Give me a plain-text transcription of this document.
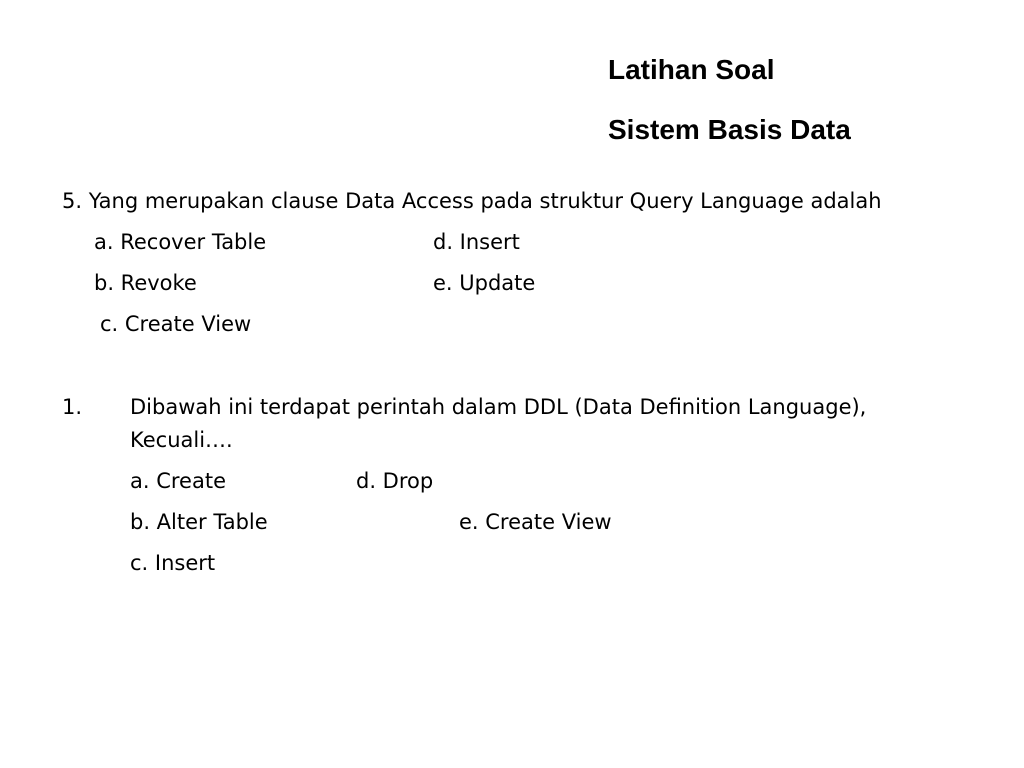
Latihan Soal
Sistem Basis Data
5. Yang merupakan clause Data Access pada struktur Query Language adalah
a. Recover Table	d. Insert
b. Revoke	e. Update
c. Create View
1. Dibawah ini terdapat perintah dalam DDL (Data Definition Language),
Kecuali….
a. Create	d. Drop
b. Alter Table	e. Create View
c. Insert
